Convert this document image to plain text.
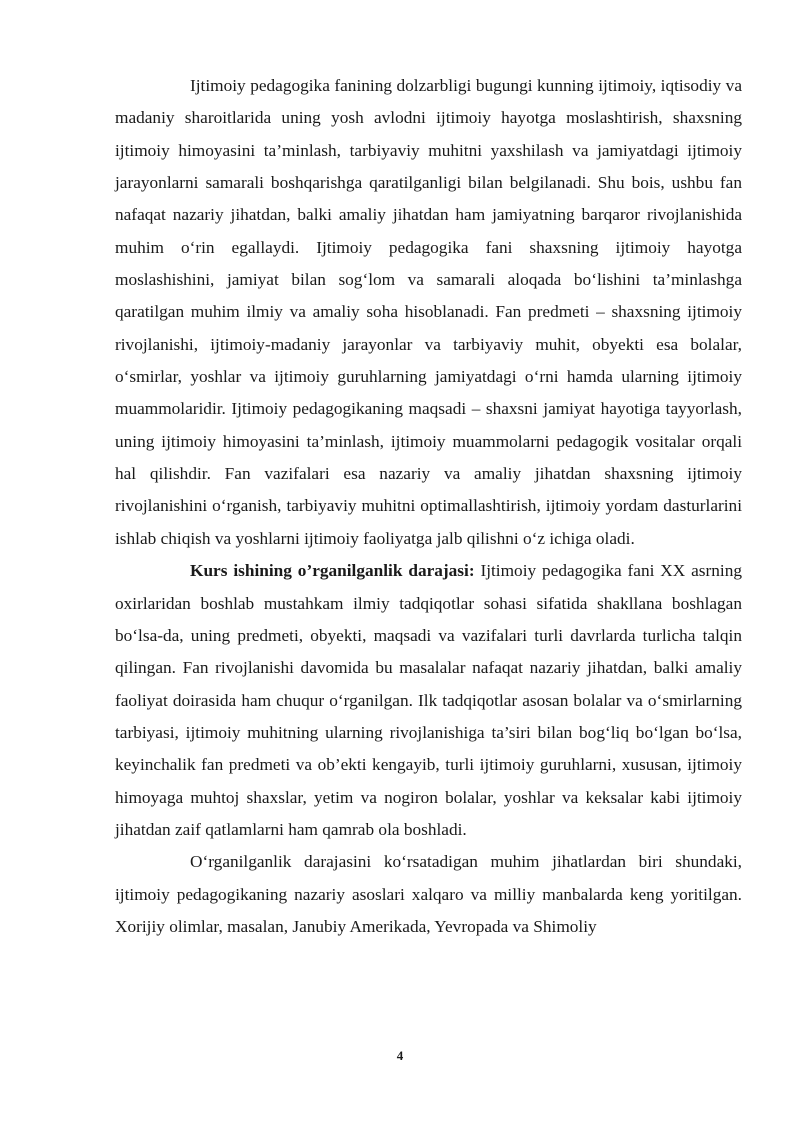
Ijtimoiy pedagogika fanining dolzarbligi bugungi kunning ijtimoiy, iqtisodiy va madaniy sharoitlarida uning yosh avlodni ijtimoiy hayotga moslashtirish, shaxsning ijtimoiy himoyasini ta’minlash, tarbiyaviy muhitni yaxshilash va jamiyatdagi ijtimoiy jarayonlarni samarali boshqarishga qaratilganligi bilan belgilanadi. Shu bois, ushbu fan nafaqat nazariy jihatdan, balki amaliy jihatdan ham jamiyatning barqaror rivojlanishida muhim o‘rin egallaydi. Ijtimoiy pedagogika fani shaxsning ijtimoiy hayotga moslashishini, jamiyat bilan sog‘lom va samarali aloqada bo‘lishini ta’minlashga qaratilgan muhim ilmiy va amaliy soha hisoblanadi. Fan predmeti – shaxsning ijtimoiy rivojlanishi, ijtimoiy-madaniy jarayonlar va tarbiyaviy muhit, obyekti esa bolalar, o‘smirlar, yoshlar va ijtimoiy guruhlarning jamiyatdagi o‘rni hamda ularning ijtimoiy muammolaridir. Ijtimoiy pedagogikaning maqsadi – shaxsni jamiyat hayotiga tayyorlash, uning ijtimoiy himoyasini ta’minlash, ijtimoiy muammolarni pedagogik vositalar orqali hal qilishdir. Fan vazifalari esa nazariy va amaliy jihatdan shaxsning ijtimoiy rivojlanishini o‘rganish, tarbiyaviy muhitni optimallashtirish, ijtimoiy yordam dasturlarini ishlab chiqish va yoshlarni ijtimoiy faoliyatga jalb qilishni o‘z ichiga oladi.

Kurs ishining o’rganilganlik darajasi: Ijtimoiy pedagogika fani XX asrning oxirlaridan boshlab mustahkam ilmiy tadqiqotlar sohasi sifatida shakllana boshlagan bo‘lsa-da, uning predmeti, obyekti, maqsadi va vazifalari turli davrlarda turlicha talqin qilingan. Fan rivojlanishi davomida bu masalalar nafaqat nazariy jihatdan, balki amaliy faoliyat doirasida ham chuqur o‘rganilgan. Ilk tadqiqotlar asosan bolalar va o‘smirlarning tarbiyasi, ijtimoiy muhitning ularning rivojlanishiga ta’siri bilan bog‘liq bo‘lgan bo‘lsa, keyinchalik fan predmeti va ob’ekti kengayib, turli ijtimoiy guruhlarni, xususan, ijtimoiy himoyaga muhtoj shaxslar, yetim va nogiron bolalar, yoshlar va keksalar kabi ijtimoiy jihatdan zaif qatlamlarni ham qamrab ola boshladi.

O‘rganilganlik darajasini ko‘rsatadigan muhim jihatlardan biri shundaki, ijtimoiy pedagogikaning nazariy asoslari xalqaro va milliy manbalarda keng yoritilgan. Xorijiy olimlar, masalan, Janubiy Amerikada, Yevropada va Shimoliy

4
